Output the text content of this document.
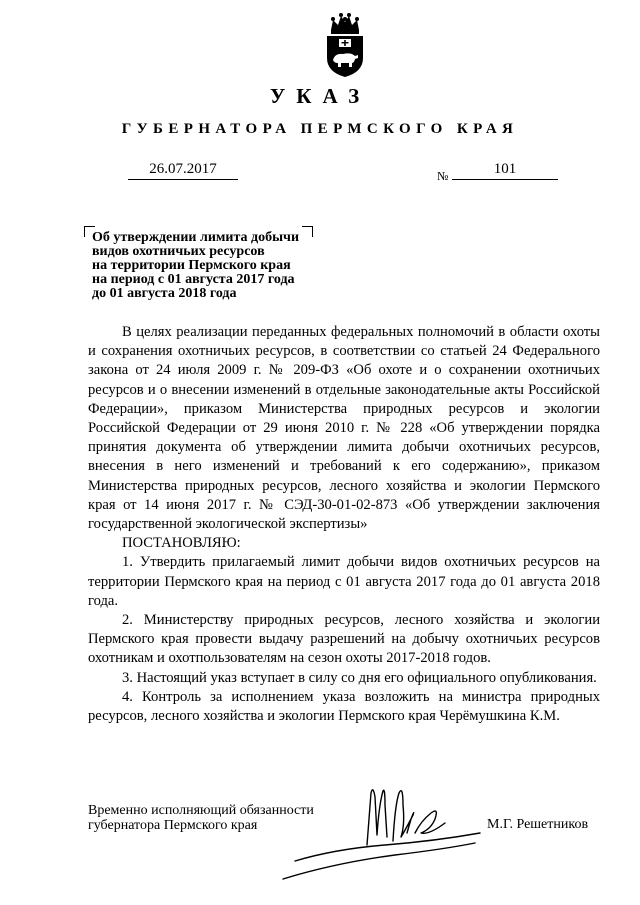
УКАЗ
ГУБЕРНАТОРА ПЕРМСКОГО КРАЯ
26.07.2017	№	101
Об утверждении лимита добычи
видов охотничьих ресурсов
на территории Пермского края
на период с 01 августа 2017 года
до 01 августа 2018 года

В целях реализации переданных федеральных полномочий в области охоты и сохранения охотничьих ресурсов, в соответствии со статьей 24 Федерального закона от 24 июля 2009 г. № 209-ФЗ «Об охоте и о сохранении охотничьих ресурсов и о внесении изменений в отдельные законодательные акты Российской Федерации», приказом Министерства природных ресурсов и экологии Российской Федерации от 29 июня 2010 г. № 228 «Об утверждении порядка принятия документа об утверждении лимита добычи охотничьих ресурсов, внесения в него изменений и требований к его содержанию», приказом Министерства природных ресурсов, лесного хозяйства и экологии Пермского края от 14 июня 2017 г. № СЭД-30-01-02-873 «Об утверждении заключения государственной экологической экспертизы»

ПОСТАНОВЛЯЮ:

1. Утвердить прилагаемый лимит добычи видов охотничьих ресурсов на территории Пермского края на период с 01 августа 2017 года до 01 августа 2018 года.

2. Министерству природных ресурсов, лесного хозяйства и экологии Пермского края провести выдачу разрешений на добычу охотничьих ресурсов охотникам и охотпользователям на сезон охоты 2017-2018 годов.

3. Настоящий указ вступает в силу со дня его официального опубликования.

4. Контроль за исполнением указа возложить на министра природных ресурсов, лесного хозяйства и экологии Пермского края Черёмушкина К.М.

Временно исполняющий обязанности
губернатора Пермского края	М.Г. Решетников
